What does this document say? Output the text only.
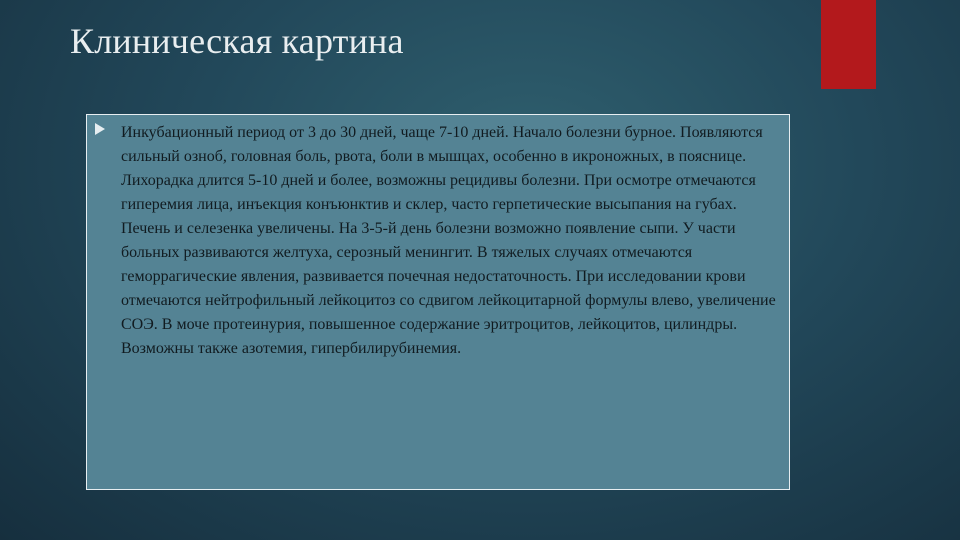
Клиническая картина

Инкубационный период от 3 до 30 дней, чаще 7-10 дней. Начало болезни бурное. Появляются сильный озноб, головная боль, рвота, боли в мышцах, особенно в икроножных, в пояснице. Лихорадка длится 5-10 дней и более, возможны рецидивы болезни. При осмотре отмечаются гиперемия лица, инъекция конъюнктив и склер, часто герпетические высыпания на губах. Печень и селезенка увеличены. На 3-5-й день болезни возможно появление сыпи. У части больных развиваются желтуха, серозный менингит. В тяжелых случаях отмечаются геморрагические явления, развивается почечная недостаточность. При исследовании крови отмечаются нейтрофильный лейкоцитоз со сдвигом лейкоцитарной формулы влево, увеличение СОЭ. В моче протеинурия, повышенное содержание эритроцитов, лейкоцитов, цилиндры. Возможны также азотемия, гипербилирубинемия.
